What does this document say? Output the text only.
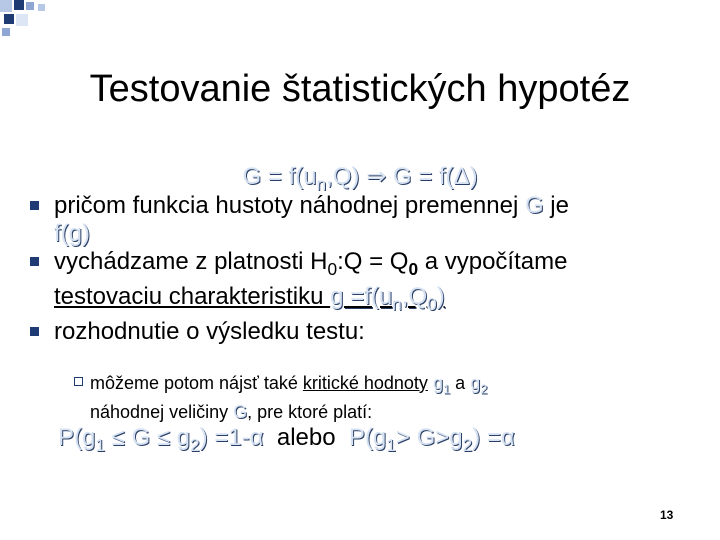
Testovanie štatistických hypotéz
$G = f(u_n,Q)$ ⇒ G = f(Δ)
pričom funkcia hustoty náhodnej premennej G je
f(g)
vychádzame z platnosti $H_0:Q = Q_0$ a vypočítame
testovaciu charakteristiku $g =f(u_n,Q_0)$
rozhodnutie o výsledku testu:
môžeme potom nájsť také kritické hodnoty $g_1$ a $g_2$
náhodnej veličiny G, pre ktoré platí:
$P(g_1 \le G \le g_2) =1-\alpha$ alebo $P(g_1> G>g_2) =\alpha$
13
